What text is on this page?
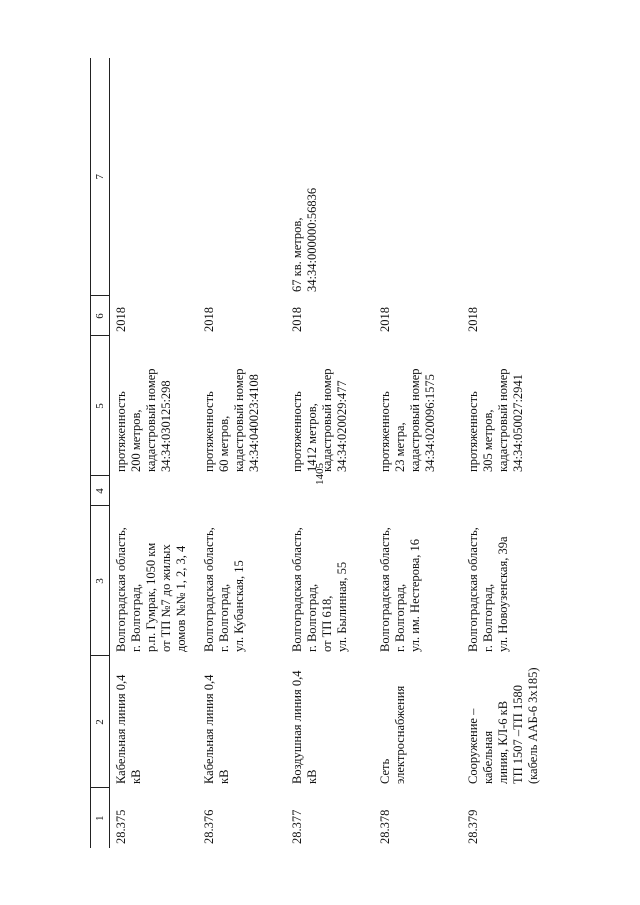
1405
1	2	3	4	5	6	7
28.375	Кабельная линия 0,4 кВ	Волгоградская область,
г. Волгоград,
р.п. Гумрак, 1050 км
от ТП №7 до жилых
домов №№ 1, 2, 3, 4		протяженность
200 метров,
кадастровый номер
34:34:030125:298	2018	
28.376	Кабельная линия 0,4 кВ	Волгоградская область,
г. Волгоград,
ул. Кубанская, 15		протяженность
60 метров,
кадастровый номер
34:34:040023:4108	2018	
28.377	Воздушная линия 0,4 кВ	Волгоградская область,
г. Волгоград,
от ТП 618,
ул. Былинная, 55		протяженность
1412 метров,
кадастровый номер
34:34:020029:477	2018	67 кв. метров,
34:34:000000:56836
28.378	Сеть электроснабжения	Волгоградская область,
г. Волгоград,
ул. им. Нестерова, 16		протяженность
23 метра,
кадастровый номер
34:34:020096:1575	2018	
28.379	Сооружение – кабельная
линия, КЛ-6 кВ
ТП 1507 –ТП 1580
(кабель ААБ-6 3х185)	Волгоградская область,
г. Волгоград,
ул. Новоузенская, 39а		протяженность
305 метров,
кадастровый номер
34:34:050027:2941	2018	
